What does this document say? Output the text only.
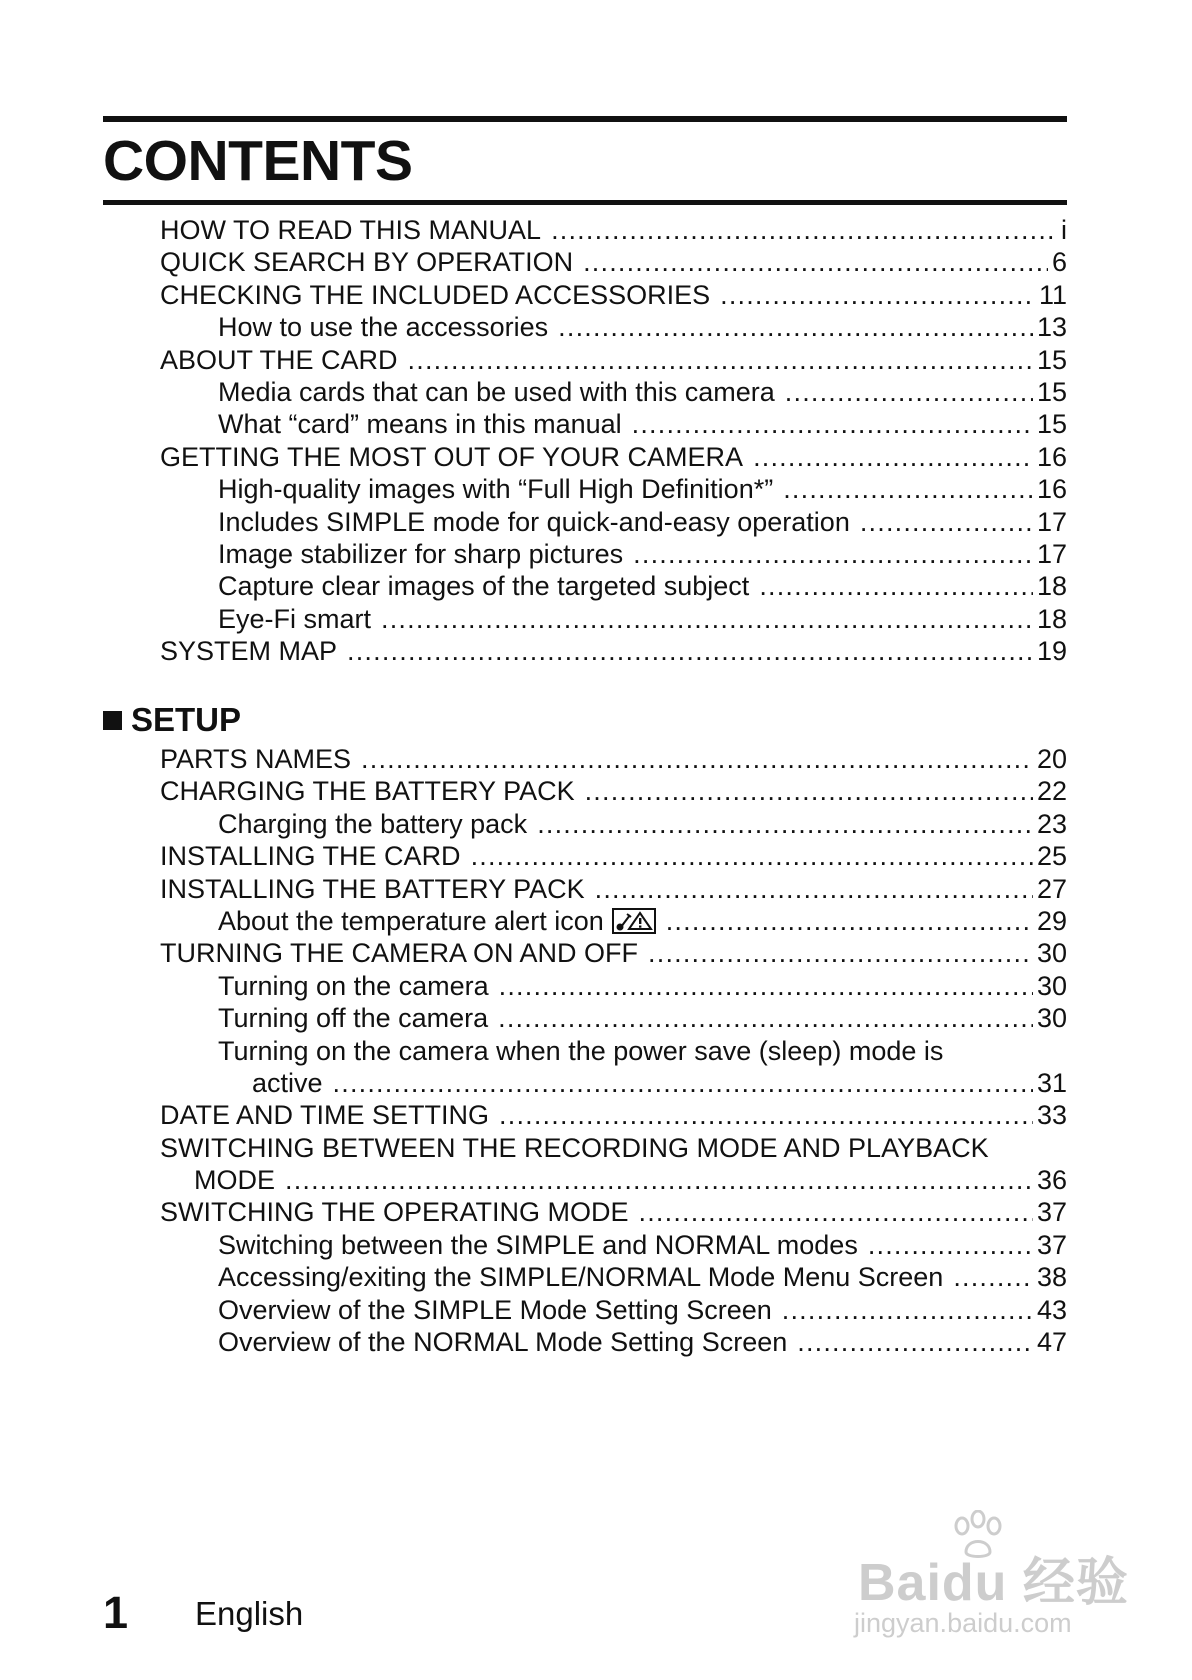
CONTENTS
HOW TO READ THIS MANUAL .....	i
QUICK SEARCH BY OPERATION .....	6
CHECKING THE INCLUDED ACCESSORIES .....	11
How to use the accessories .....	13
ABOUT THE CARD .....	15
Media cards that can be used with this camera .....	15
What “card” means in this manual .....	15
GETTING THE MOST OUT OF YOUR CAMERA .....	16
High-quality images with “Full High Definition*” .....	16
Includes SIMPLE mode for quick-and-easy operation .....	17
Image stabilizer for sharp pictures .....	17
Capture clear images of the targeted subject .....	18
Eye-Fi smart .....	18
SYSTEM MAP .....	19
SETUP
PARTS NAMES .....	20
CHARGING THE BATTERY PACK .....	22
Charging the battery pack .....	23
INSTALLING THE CARD .....	25
INSTALLING THE BATTERY PACK .....	27
About the temperature alert icon .....	29
TURNING THE CAMERA ON AND OFF .....	30
Turning on the camera .....	30
Turning off the camera .....	30
Turning on the camera when the power save (sleep) mode is
active .....	31
DATE AND TIME SETTING .....	33
SWITCHING BETWEEN THE RECORDING MODE AND PLAYBACK
MODE .....	36
SWITCHING THE OPERATING MODE .....	37
Switching between the SIMPLE and NORMAL modes .....	37
Accessing/exiting the SIMPLE/NORMAL Mode Menu Screen .....	38
Overview of the SIMPLE Mode Setting Screen .....	43
Overview of the NORMAL Mode Setting Screen .....	47
1 English
Baidu 经验
jingyan.baidu.com
